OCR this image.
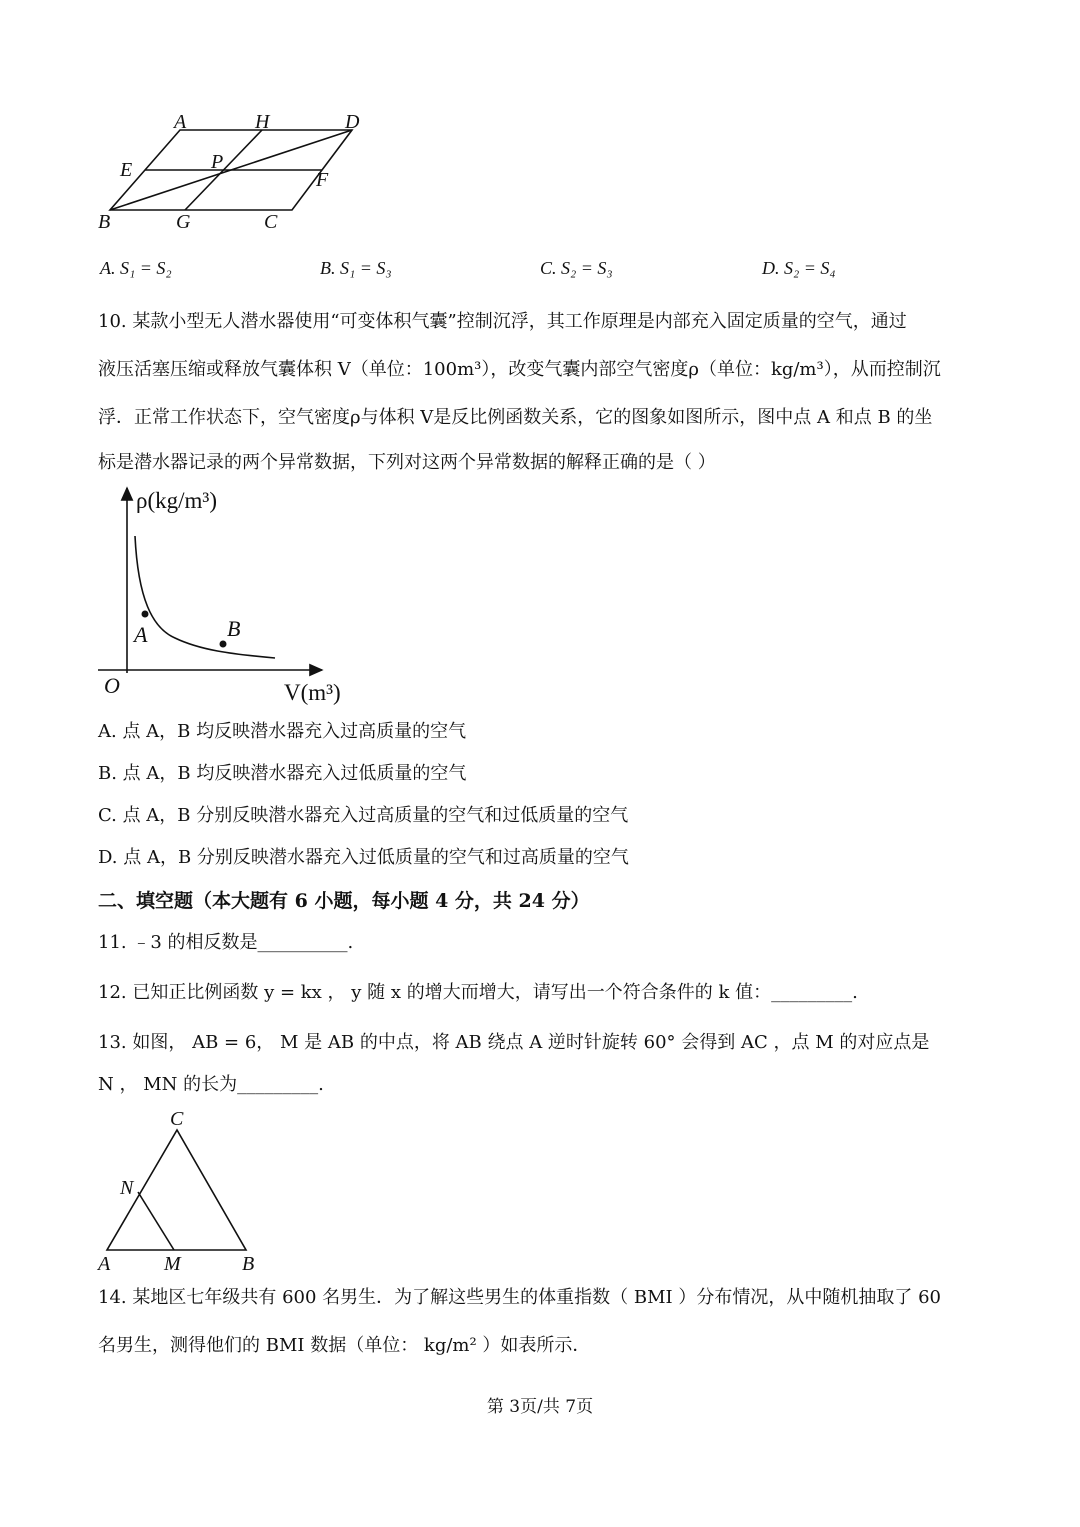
A	H	D
E	P
F
B	G	C
A. S₁ = S₂	B. S₁ = S₃	C. S₂ = S₃	D. S₂ = S₄
10. 某款小型无人潜水器使用“可变体积气囊”控制沉浮，其工作原理是内部充入固定质量的空气，通过
液压活塞压缩或释放气囊体积 V（单位：100m³），改变气囊内部空气密度ρ（单位：kg/m³），从而控制沉
浮．正常工作状态下，空气密度ρ与体积 V是反比例函数关系，它的图象如图所示，图中点 A 和点 B 的坐
标是潜水器记录的两个异常数据，下列对这两个异常数据的解释正确的是（ ）
A	B
O
ρ(kg/m³)
V(m³)
A. 点 A，B 均反映潜水器充入过高质量的空气
B. 点 A，B 均反映潜水器充入过低质量的空气
C. 点 A，B 分别反映潜水器充入过高质量的空气和过低质量的空气
D. 点 A，B 分别反映潜水器充入过低质量的空气和过高质量的空气
二、填空题（本大题有 6 小题，每小题 4 分，共 24 分）
11. ﹣3 的相反数是__________.
12. 已知正比例函数 y = kx ， y 随 x 的增大而增大，请写出一个符合条件的 k 值：_________.
13. 如图， AB = 6， M 是 AB 的中点，将 AB 绕点 A 逆时针旋转 60° 会得到 AC ，点 M 的对应点是
N ， MN 的长为_________.
C
N
A	M	B
14. 某地区七年级共有 600 名男生．为了解这些男生的体重指数（ BMI ）分布情况，从中随机抽取了 60
名男生，测得他们的 BMI 数据（单位： kg/m² ）如表所示．
第 3页/共 7页
